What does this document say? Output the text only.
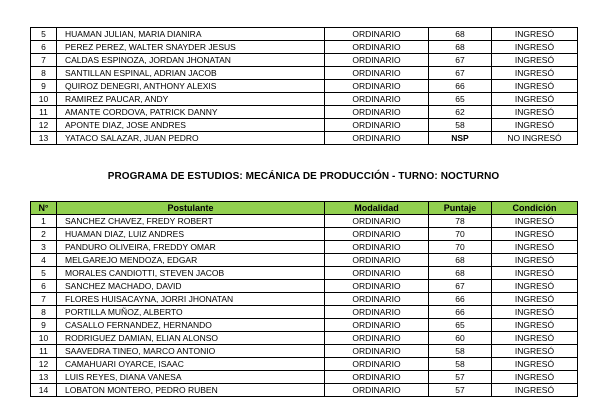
5	HUAMAN JULIAN, MARIA DIANIRA	ORDINARIO	68	INGRESÓ
6	PEREZ PEREZ, WALTER SNAYDER JESUS	ORDINARIO	68	INGRESÓ
7	CALDAS ESPINOZA, JORDAN JHONATAN	ORDINARIO	67	INGRESÓ
8	SANTILLAN ESPINAL, ADRIAN JACOB	ORDINARIO	67	INGRESÓ
9	QUIROZ DENEGRI, ANTHONY ALEXIS	ORDINARIO	66	INGRESÓ
10	RAMIREZ PAUCAR, ANDY	ORDINARIO	65	INGRESÓ
11	AMANTE CORDOVA, PATRICK DANNY	ORDINARIO	62	INGRESÓ
12	APONTE DIAZ, JOSE ANDRES	ORDINARIO	58	INGRESÓ
13	YATACO SALAZAR, JUAN PEDRO	ORDINARIO	NSP	NO INGRESÓ
PROGRAMA DE ESTUDIOS: MECÁNICA DE PRODUCCIÓN - TURNO: NOCTURNO
N°	Postulante	Modalidad	Puntaje	Condición
1	SANCHEZ CHAVEZ, FREDY ROBERT	ORDINARIO	78	INGRESÓ
2	HUAMAN DIAZ, LUIZ ANDRES	ORDINARIO	70	INGRESÓ
3	PANDURO OLIVEIRA, FREDDY OMAR	ORDINARIO	70	INGRESÓ
4	MELGAREJO MENDOZA, EDGAR	ORDINARIO	68	INGRESÓ
5	MORALES CANDIOTTI, STEVEN JACOB	ORDINARIO	68	INGRESÓ
6	SANCHEZ MACHADO, DAVID	ORDINARIO	67	INGRESÓ
7	FLORES HUISACAYNA, JORRI JHONATAN	ORDINARIO	66	INGRESÓ
8	PORTILLA MUÑOZ, ALBERTO	ORDINARIO	66	INGRESÓ
9	CASALLO FERNANDEZ, HERNANDO	ORDINARIO	65	INGRESÓ
10	RODRIGUEZ DAMIAN, ELIAN ALONSO	ORDINARIO	60	INGRESÓ
11	SAAVEDRA TINEO, MARCO ANTONIO	ORDINARIO	58	INGRESÓ
12	CAMAHUARI OYARCE, ISAAC	ORDINARIO	58	INGRESÓ
13	LUIS REYES, DIANA VANESA	ORDINARIO	57	INGRESÓ
14	LOBATON MONTERO, PEDRO RUBEN	ORDINARIO	57	INGRESÓ
